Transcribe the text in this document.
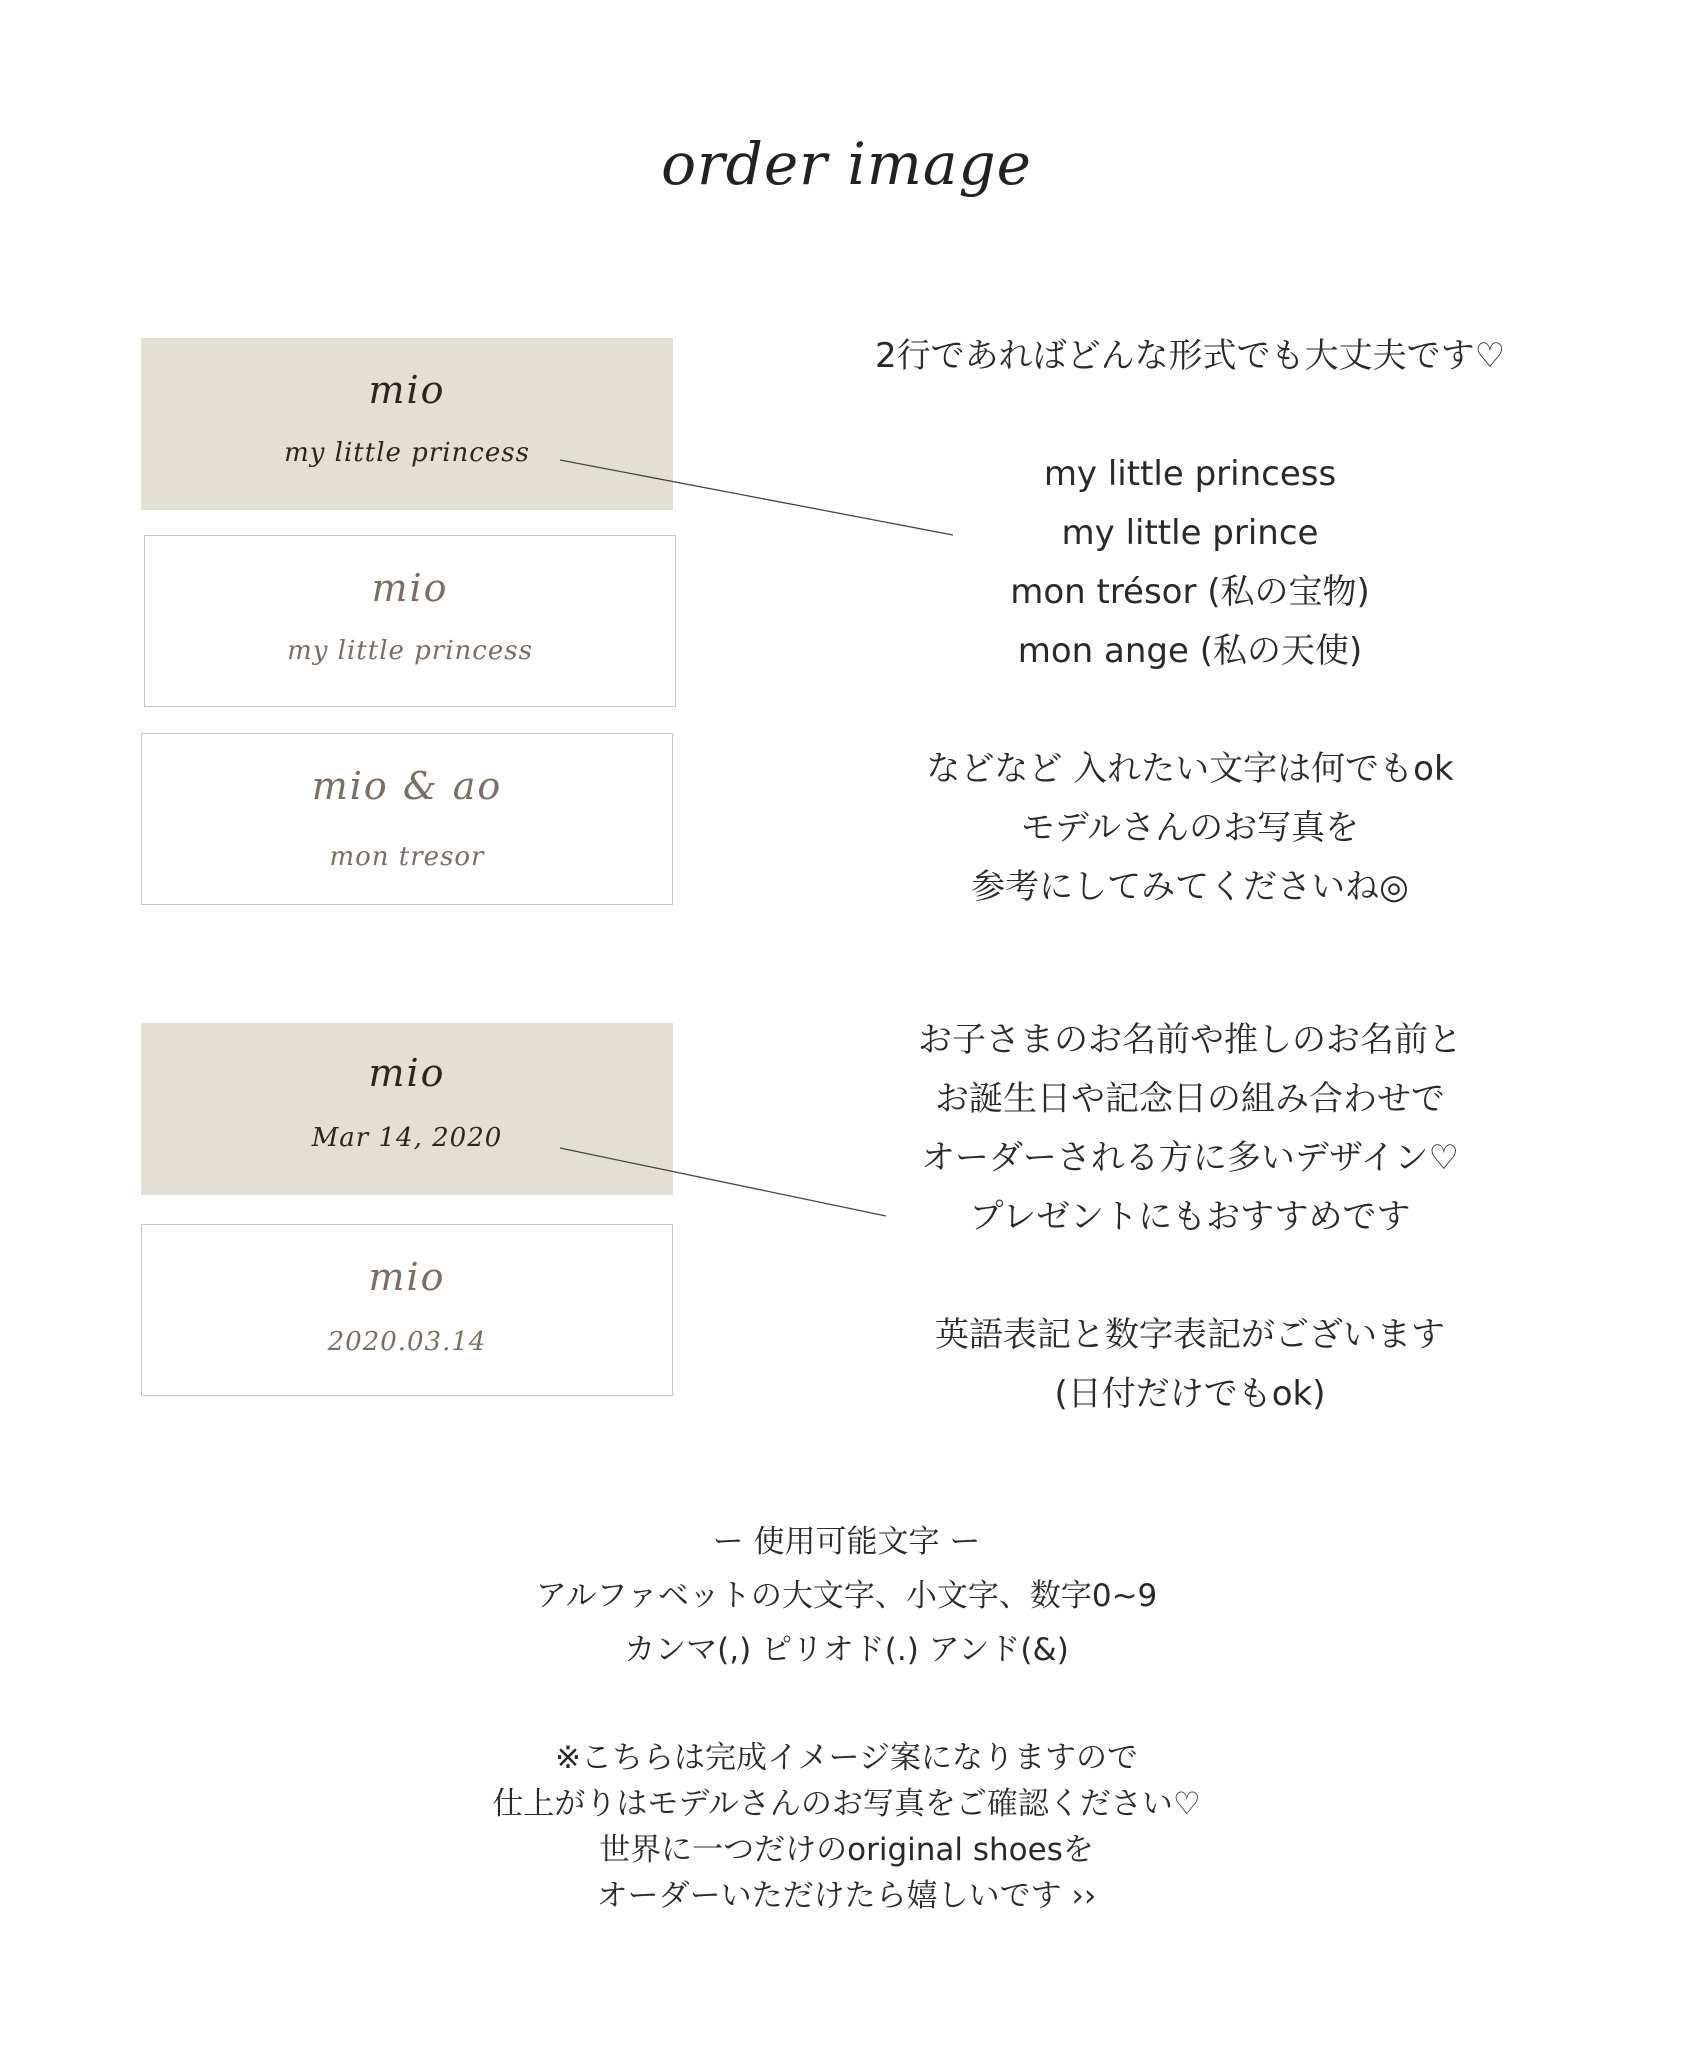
order image
mio
my little princess
mio
my little princess
mio & ao
mon tresor
mio
Mar 14, 2020
mio
2020.03.14

2行であればどんな形式でも大丈夫です♡

my little princess

my little prince

mon trésor (私の宝物)

mon ange (私の天使)

などなど 入れたい文字は何でもok

モデルさんのお写真を

参考にしてみてくださいね◎

お子さまのお名前や推しのお名前と

お誕生日や記念日の組み合わせで

オーダーされる方に多いデザイン♡

プレゼントにもおすすめです

英語表記と数字表記がございます

(日付だけでもok)

ー 使用可能文字 ー

アルファベットの大文字、小文字、数字0~9

カンマ(,) ピリオド(.) アンド(&)

※こちらは完成イメージ案になりますので

仕上がりはモデルさんのお写真をご確認ください♡

世界に一つだけのoriginal shoesを

オーダーいただけたら嬉しいです ››
